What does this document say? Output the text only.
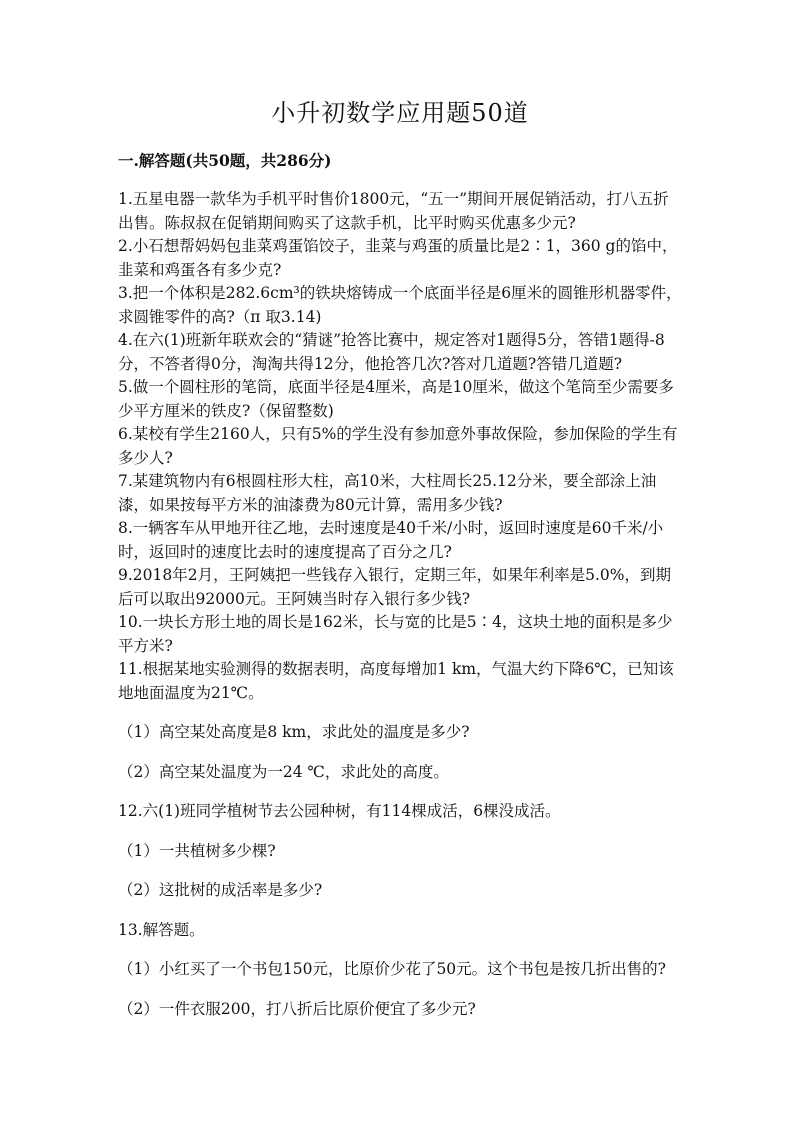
小升初数学应用题50道
一.解答题(共50题，共286分)

1.五星电器一款华为手机平时售价1800元，“五一”期间开展促销活动，打八五折出售。陈叔叔在促销期间购买了这款手机，比平时购买优惠多少元?

2.小石想帮妈妈包韭菜鸡蛋馅饺子，韭菜与鸡蛋的质量比是2∶1，360 g的馅中，韭菜和鸡蛋各有多少克?

3.把一个体积是282.6cm³的铁块熔铸成一个底面半径是6厘米的圆锥形机器零件，求圆锥零件的高?（π 取3.14)

4.在六(1)班新年联欢会的“猜谜”抢答比赛中，规定答对1题得5分，答错1题得-8分，不答者得0分，淘淘共得12分，他抢答几次?答对几道题?答错几道题?

5.做一个圆柱形的笔筒，底面半径是4厘米，高是10厘米，做这个笔筒至少需要多少平方厘米的铁皮?（保留整数)

6.某校有学生2160人，只有5%的学生没有参加意外事故保险，参加保险的学生有多少人?

7.某建筑物内有6根圆柱形大柱，高10米，大柱周长25.12分米，要全部涂上油漆，如果按每平方米的油漆费为80元计算，需用多少钱?

8.一辆客车从甲地开往乙地，去时速度是40千米/小时，返回时速度是60千米/小时，返回时的速度比去时的速度提高了百分之几?

9.2018年2月，王阿姨把一些钱存入银行，定期三年，如果年利率是5.0%，到期后可以取出92000元。王阿姨当时存入银行多少钱?

10.一块长方形土地的周长是162米，长与宽的比是5∶4，这块土地的面积是多少平方米?

11.根据某地实验测得的数据表明，高度每增加1 km，气温大约下降6℃，已知该地地面温度为21℃。

（1）高空某处高度是8 km，求此处的温度是多少?

（2）高空某处温度为一24 ℃，求此处的高度。

12.六(1)班同学植树节去公园种树，有114棵成活，6棵没成活。

（1）一共植树多少棵?

（2）这批树的成活率是多少?

13.解答题。

（1）小红买了一个书包150元，比原价少花了50元。这个书包是按几折出售的?

（2）一件衣服200，打八折后比原价便宜了多少元?
